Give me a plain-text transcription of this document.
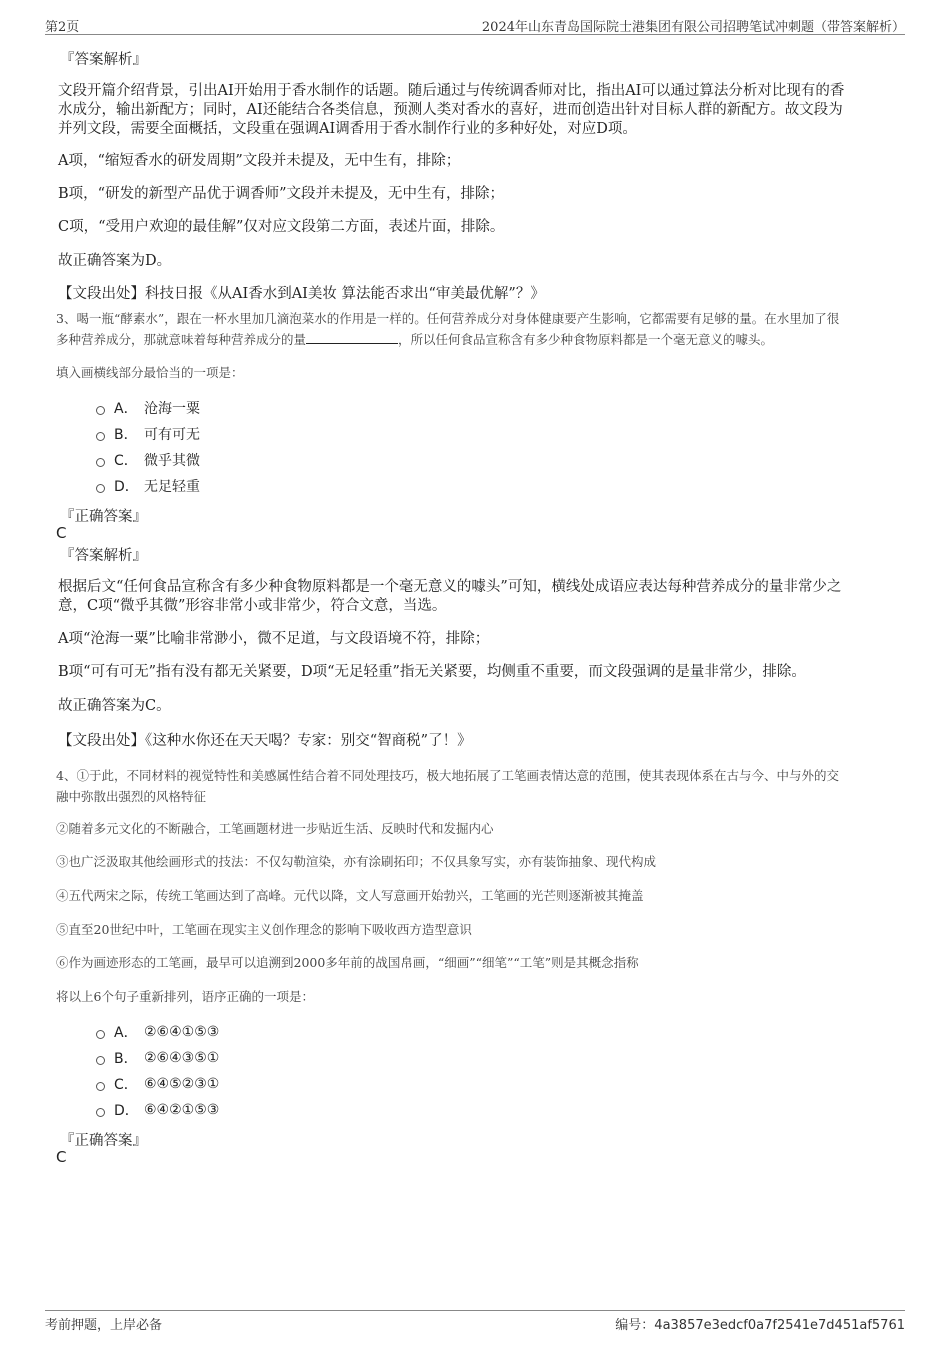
第2页	2024年山东青岛国际院士港集团有限公司招聘笔试冲刺题（带答案解析）
『答案解析』
文段开篇介绍背景，引出AI开始用于香水制作的话题。随后通过与传统调香师对比，指出AI可以通过算法分析对比现有的香
水成分，输出新配方；同时，AI还能结合各类信息，预测人类对香水的喜好，进而创造出针对目标人群的新配方。故文段为
并列文段，需要全面概括，文段重在强调AI调香用于香水制作行业的多种好处，对应D项。
A项，“缩短香水的研发周期”文段并未提及，无中生有，排除；
B项，“研发的新型产品优于调香师”文段并未提及，无中生有，排除；
C项，“受用户欢迎的最佳解”仅对应文段第二方面，表述片面，排除。
故正确答案为D。
【文段出处】科技日报《从AI香水到AI美妆 算法能否求出“审美最优解”？》
3、喝一瓶“酵素水”，跟在一杯水里加几滴泡菜水的作用是一样的。任何营养成分对身体健康要产生影响，它都需要有足够的量。在水里加了很
多种营养成分，那就意味着每种营养成分的量	，所以任何食品宣称含有多少种食物原料都是一个毫无意义的噱头。
填入画横线部分最恰当的一项是：
A． 沧海一粟
B． 可有可无
C． 微乎其微
D． 无足轻重
『正确答案』
C
『答案解析』
根据后文“任何食品宣称含有多少种食物原料都是一个毫无意义的噱头”可知，横线处成语应表达每种营养成分的量非常少之
意，C项“微乎其微”形容非常小或非常少，符合文意，当选。
A项“沧海一粟”比喻非常渺小，微不足道，与文段语境不符，排除；
B项“可有可无”指有没有都无关紧要，D项“无足轻重”指无关紧要，均侧重不重要，而文段强调的是量非常少，排除。
故正确答案为C。
【文段出处】《这种水你还在天天喝？专家：别交“智商税”了！》
4、①于此，不同材料的视觉特性和美感属性结合着不同处理技巧，极大地拓展了工笔画表情达意的范围，使其表现体系在古与今、中与外的交
融中弥散出强烈的风格特征
②随着多元文化的不断融合，工笔画题材进一步贴近生活、反映时代和发掘内心
③也广泛汲取其他绘画形式的技法：不仅勾勒渲染，亦有涂刷拓印；不仅具象写实，亦有装饰抽象、现代构成
④五代两宋之际，传统工笔画达到了高峰。元代以降，文人写意画开始勃兴，工笔画的光芒则逐渐被其掩盖
⑤直至20世纪中叶，工笔画在现实主义创作理念的影响下吸收西方造型意识
⑥作为画迹形态的工笔画，最早可以追溯到2000多年前的战国帛画，“细画”“细笔”“工笔”则是其概念指称
将以上6个句子重新排列，语序正确的一项是：
A． ②⑥④①⑤③
B． ②⑥④③⑤①
C． ⑥④⑤②③①
D． ⑥④②①⑤③
『正确答案』
C
考前押题，上岸必备	编号：4a3857e3edcf0a7f2541e7d451af5761
